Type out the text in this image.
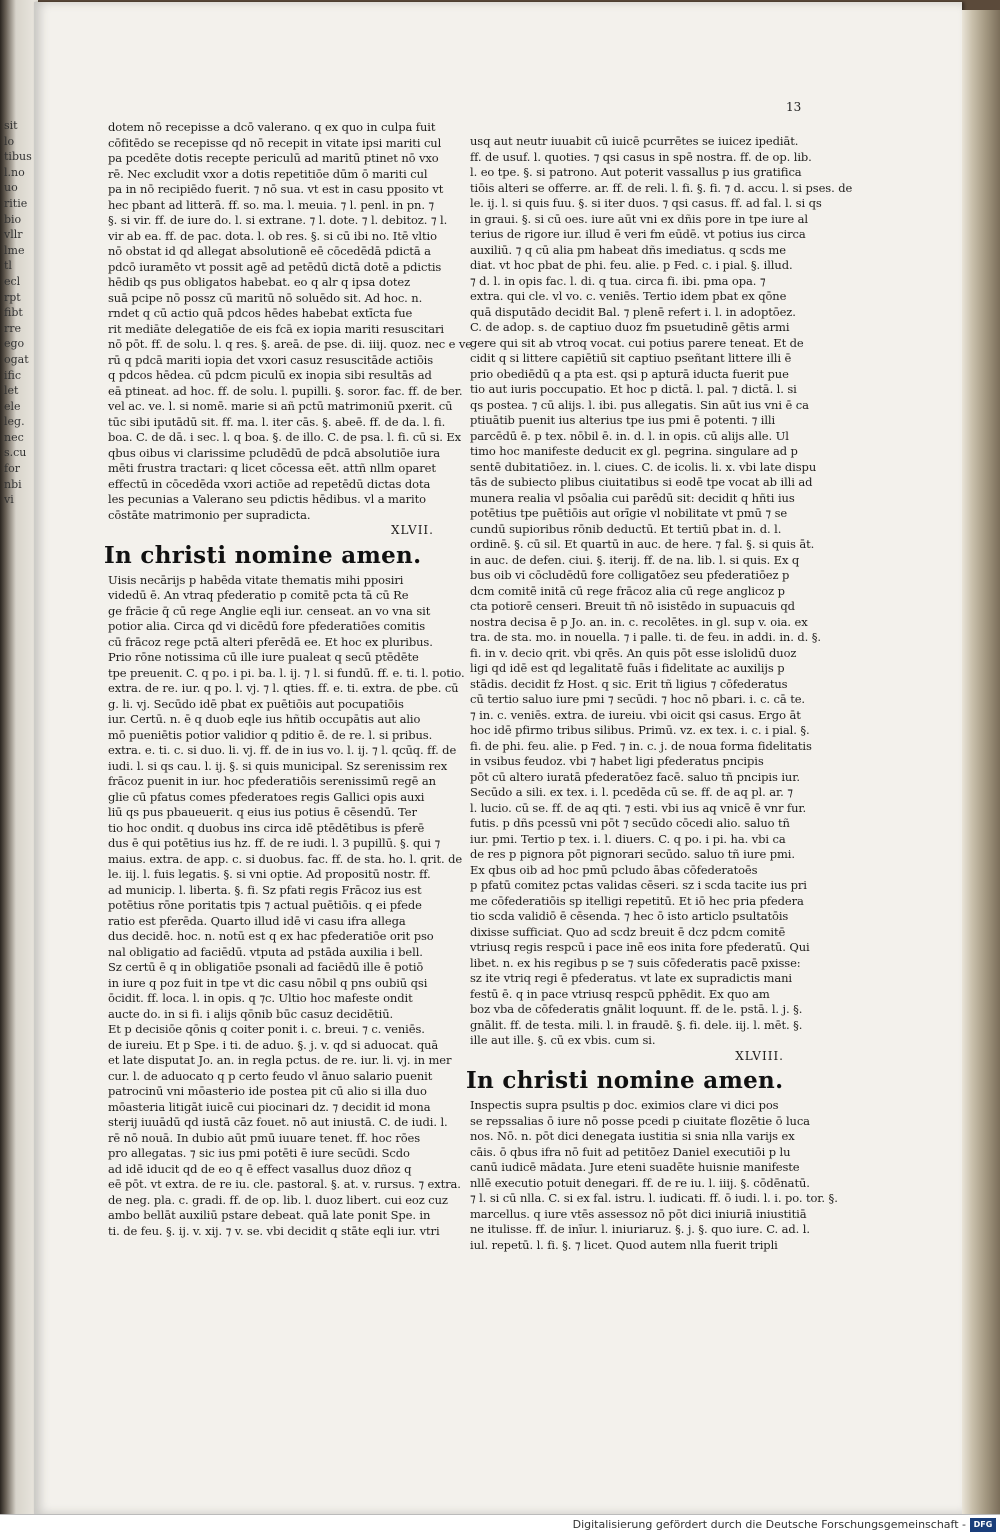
sit
lo
tibus
l.no
uo
ritie
bio
vllr
lme
tl
ecl
rpt
fibt
rre
ego
ogat
ific
let
ele
leg.
nec
s.cu
for
nbi
vi
13
dotem nō recepisse a dcō valerano. q ex quo in culpa fuit
cōfitēdo se recepisse qd nō recepit in vitate ipsi mariti cul
pa pcedēte dotis recepte periculū ad maritū ptinet nō vxo
rē. Nec excludit vxor a dotis repetitiōe dūm ō mariti cul
pa in nō recipiēdo fuerit. ⁊ nō sua. vt est in casu pposito vt
hec pbant ad litterā. ff. so. ma. l. meuia. ⁊ l. penl. in pn. ⁊
§. si vir. ff. de iure do. l. si extrane. ⁊ l. dote. ⁊ l. debitoz. ⁊ l.
vir ab ea. ff. de pac. dota. l. ob res. §. si cū ibi no. Itē vltio
nō obstat id qd allegat absolutionē eē cōcedēdā pdictā a
pdcō iuramēto vt possit agē ad petēdū dictā dotē a pdictis
hēdib qs pus obligatos habebat. eo q alr q ipsa dotez
suā pcipe nō possz cū maritū nō soluēdo sit. Ad hoc. n.
rndet q cū actio quā pdcos hēdes habebat extīcta fue
rit mediāte delegatiōe de eis fcā ex iopia mariti resuscitari
nō pōt. ff. de solu. l. q res. §. areā. de pse. di. iiij. quoz. nec e ve
rū q pdcā mariti iopia det vxori casuz resuscitāde actiōis
q pdcos hēdea. cū pdcm piculū ex inopia sibi resultās ad
eā ptineat. ad hoc. ff. de solu. l. pupilli. §. soror. fac. ff. de ber.
vel ac. ve. l. si nomē. marie si añ pctū matrimoniū pxerit. cū
tūc sibi iputādū sit. ff. ma. l. iter cās. §. abeē. ff. de da. l. fi.
boa. C. de dā. i sec. l. q boa. §. de illo. C. de psa. l. fi. cū si. Ex
qbus oibus vi clarissime pcludēdū de pdcā absolutiōe iura
mēti frustra tractari: q licet cōcessa eēt. attñ nllm oparet
effectū in cōcedēda vxori actiōe ad repetēdū dictas dota
les pecunias a Valerano seu pdictis hēdibus. vl a marito
cōstāte matrimonio per supradicta.
XLVII.
In christi nomine amen.
Uisis necārijs p habēda vitate thematis mihi pposiri
videdū ē. An vtraq pfederatio p comitē pcta tā cū Re
ge frācie q̄ cū rege Anglie eqli iur. censeat. an vo vna sit
potior alia. Circa qd vi dicēdū fore pfederatiōes comitis
cū frācoz rege pctā alteri pferēdā ee. Et hoc ex pluribus.
Prio rōne notissima cū ille iure pualeat q secū ptēdēte
tpe preuenit. C. q po. i pi. ba. l. ij. ⁊ l. si fundū. ff. e. ti. l. potio.
extra. de re. iur. q po. l. vj. ⁊ l. qties. ff. e. ti. extra. de pbe. cū
g. li. vj. Secūdo idē pbat ex puētiōis aut pocupatiōis
iur. Certū. n. ē q duob eqle ius hñtib occupātis aut alio
mō pueniētis potior validior q pditio ē. de re. l. si pribus.
extra. e. ti. c. si duo. li. vj. ff. de in ius vo. l. ij. ⁊ l. qcūq. ff. de
iudi. l. si qs cau. l. ij. §. si quis municipal. Sz serenissim rex
frācoz puenit in iur. hoc pfederatiōis serenissimū regē an
glie cū pfatus comes pfederatoes regis Gallici opis auxi
liū qs pus pbaueuerit. q eius ius potius ē cēsendū. Ter
tio hoc ondit. q duobus ins circa idē ptēdētibus is pferē
dus ē qui potētius ius hz. ff. de re iudi. l. 3 pupillū. §. qui ⁊
maius. extra. de app. c. si duobus. fac. ff. de sta. ho. l. qrit. de
le. iij. l. fuis legatis. §. si vni optie. Ad propositū nostr. ff.
ad municip. l. liberta. §. fi. Sz pfati regis Frācoz ius est
potētius rōne poritatis tpis ⁊ actual puētiōis. q ei pfede
ratio est pferēda. Quarto illud idē vi casu ifra allega
dus decidē. hoc. n. notū est q ex hac pfederatiōe orit pso
nal obligatio ad faciēdū. vtputa ad pstāda auxilia i bell.
Sz certū ē q in obligatiōe psonali ad faciēdū ille ē potiō
in iure q poz fuit in tpe vt dic casu nōbil q pns oubiū qsi
ōcidit. ff. loca. l. in opis. q ⁊c. Ultio hoc mafeste ondit
aucte do. in si fi. i alijs qōnib būc casuz decidētiū.
Et p decisiōe qōnis q coiter ponit i. c. breui. ⁊ c. veniēs.
de iureiu. Et p Spe. i ti. de aduo. §. j. v. qd si aduocat. quā
et late disputat Jo. an. in regla pctus. de re. iur. li. vj. in mer
cur. l. de aduocato q p certo feudo vl ānuo salario puenit
patrocinū vni mōasterio ide postea pit cū alio si illa duo
mōasteria litigāt iuicē cui piocinari dz. ⁊ decidit id mona
sterij iuuādū qd iustā cāz fouet. nō aut iniustā. C. de iudi. l.
rē nō nouā. In dubio aūt pmū iuuare tenet. ff. hoc rōes
pro allegatas. ⁊ sic ius pmi potēti ē iure secūdi. Scdo
ad idē iducit qd de eo q ē effect vasallus duoz dñoz q
eē pōt. vt extra. de re iu. cle. pastoral. §. at. v. rursus. ⁊ extra.
de neg. pla. c. gradi. ff. de op. lib. l. duoz libert. cui eoz cuz
ambo bellāt auxiliū pstare debeat. quā late ponit Spe. in
ti. de feu. §. ij. v. xij. ⁊ v. se. vbi decidit q stāte eqli iur. vtri
usq aut neutr iuuabit cū iuicē pcurrētes se iuicez ipediāt.
ff. de usuf. l. quoties. ⁊ qsi casus in spē nostra. ff. de op. lib.
l. eo tpe. §. si patrono. Aut poterit vassallus p ius gratifica
tiōis alteri se offerre. ar. ff. de reli. l. fi. §. fi. ⁊ d. accu. l. si pses. de
le. ij. l. si quis fuu. §. si iter duos. ⁊ qsi casus. ff. ad fal. l. si qs
in graui. §. si cū oes. iure aūt vni ex dñis pore in tpe iure al
terius de rigore iur. illud ē veri fm eūdē. vt potius ius circa
auxiliū. ⁊ q cū alia pm habeat dñs imediatus. q scds me
diat. vt hoc pbat de phi. feu. alie. p Fed. c. i pial. §. illud.
⁊ d. l. in opis fac. l. di. q tua. circa fi. ibi. pma opa. ⁊
extra. qui cle. vl vo. c. veniēs. Tertio idem pbat ex qōne
quā disputādo decidit Bal. ⁊ plenē refert i. l. in adoptōez.
C. de adop. s. de captiuo duoz fm psuetudinē gētis armi
gere qui sit ab vtroq vocat. cui potius parere teneat. Et de
cidit q si littere capiētiū sit captiuo pseñtant littere illi ē
prio obediēdū q a pta est. qsi p apturā iducta fuerit pue
tio aut iuris poccupatio. Et hoc p dictā. l. pal. ⁊ dictā. l. si
qs postea. ⁊ cū alijs. l. ibi. pus allegatis. Sin aūt ius vni ē ca
ptiuātib puenit ius alterius tpe ius pmi ē potenti. ⁊ illi
parcēdū ē. p tex. nōbil ē. in. d. l. in opis. cū alijs alle. Ul
timo hoc manifeste deducit ex gl. pegrina. singulare ad p
sentē dubitatiōez. in. l. ciues. C. de icolis. li. x. vbi late dispu
tās de subiecto plibus ciuitatibus si eodē tpe vocat ab illi ad
munera realia vl psōalia cui parēdū sit: decidit q hñti ius
potētius tpe puētiōis aut orīgie vl nobilitate vt pmū ⁊ se
cundū supioribus rōnib deductū. Et tertiū pbat in. d. l.
ordinē. §. cū sil. Et quartū in auc. de here. ⁊ fal. §. si quis āt.
in auc. de defen. ciui. §. iterij. ff. de na. lib. l. si quis. Ex q
bus oib vi cōcludēdū fore colligatōez seu pfederatiōez p
dcm comitē initā cū rege frācoz alia cū rege anglicoz p
cta potiorē censeri. Breuit tñ nō isistēdo in supuacuis qd
nostra decisa ē p Jo. an. in. c. recolētes. in gl. sup v. oia. ex
tra. de sta. mo. in nouella. ⁊ i palle. ti. de feu. in addi. in. d. §.
fi. in v. decio qrit. vbi qrēs. An quis pōt esse islolidū duoz
ligi qd idē est qd legalitatē fuās i fidelitate ac auxilijs p
stādis. decidit fz Host. q sic. Erit tñ ligius ⁊ cōfederatus
cū tertio saluo iure pmi ⁊ secūdi. ⁊ hoc nō pbari. i. c. cā te.
⁊ in. c. veniēs. extra. de iureiu. vbi oicit qsi casus. Ergo āt
hoc idē pfirmo tribus silibus. Primū. vz. ex tex. i. c. i pial. §.
fi. de phi. feu. alie. p Fed. ⁊ in. c. j. de noua forma fidelitatis
in vsibus feudoz. vbi ⁊ habet ligi pfederatus pncipis
pōt cū altero iuratā pfederatōez facē. saluo tñ pncipis iur.
Secūdo a sili. ex tex. i. l. pcedēda cū se. ff. de aq pl. ar. ⁊
l. lucio. cū se. ff. de aq qti. ⁊ esti. vbi ius aq vnicē ē vnr fur.
futis. p dñs pcessū vni pōt ⁊ secūdo cōcedi alio. saluo tñ
iur. pmi. Tertio p tex. i. l. diuers. C. q po. i pi. ha. vbi ca
de res p pignora pōt pignorari secūdo. saluo tñ iure pmi.
Ex qbus oib ad hoc pmū pcludo ābas cōfederatoēs
p pfatū comitez pctas validas cēseri. sz i scda tacite ius pri
me cōfederatiōis sp itelligi repetitū. Et iō hec pria pfedera
tio scda validiō ē cēsenda. ⁊ hec ō isto articlo psultatōis
dixisse sufficiat. Quo ad scdz breuit ē dcz pdcm comitē
vtriusq regis respcū i pace inē eos inita fore pfederatū. Qui
libet. n. ex his regibus p se ⁊ suis cōfederatis pacē pxisse:
sz ite vtriq regi ē pfederatus. vt late ex supradictis mani
festū ē. q in pace vtriusq respcū pphēdit. Ex quo am
boz vba de cōfederatis gnālit loquunt. ff. de le. pstā. l. j. §.
gnālit. ff. de testa. mili. l. in fraudē. §. fi. dele. iij. l. mēt. §.
ille aut ille. §. cū ex vbis. cum si.
XLVIII.
In christi nomine amen.
Inspectis supra psultis p doc. eximios clare vi dici pos
se repssalias ō iure nō posse pcedi p ciuitate flozētie ō luca
nos. Nō. n. pōt dici denegata iustitia si snia nlla varijs ex
cāis. ō qbus ifra nō fuit ad petitōez Daniel executiōi p lu
canū iudicē mādata. Jure eteni suadēte huisnie manifeste
nllē executio potuit denegari. ff. de re iu. l. iiij. §. cōdēnatū.
⁊ l. si cū nlla. C. si ex fal. istru. l. iudicati. ff. ō iudi. l. i. po. tor. §.
marcellus. q iure vtēs assessoz nō pōt dici iniuriā iniustitiā
ne itulisse. ff. de inīur. l. iniuriaruz. §. j. §. quo iure. C. ad. l.
iul. repetū. l. fi. §. ⁊ licet. Quod autem nlla fuerit tripli
Digitalisierung gefördert durch die Deutsche Forschungsgemeinschaft - DFG
